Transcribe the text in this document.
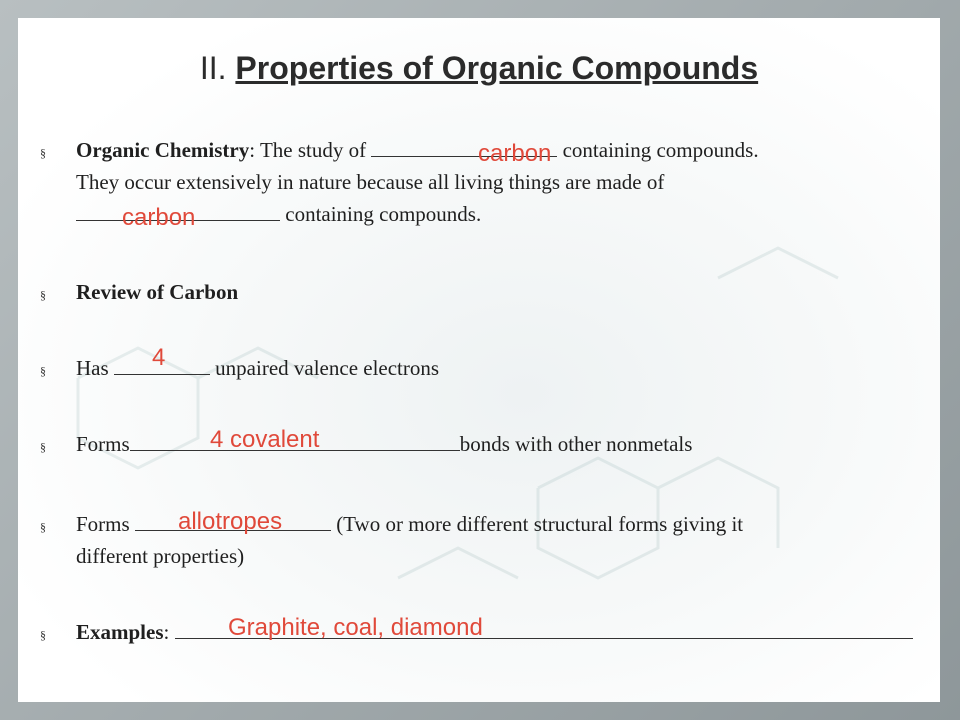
II. Properties of Organic Compounds
§ Organic Chemistry: The study of	containing compounds.
carbon
They occur extensively in nature because all living things are made of
containing compounds.
carbon
§ Review of Carbon
§ Has	unpaired valence electrons
4
§ Forms	bonds with other nonmetals
4 covalent
§ Forms	(Two or more different structural forms giving it
allotropes
different properties)
§ Examples:	Graphite, coal, diamond
